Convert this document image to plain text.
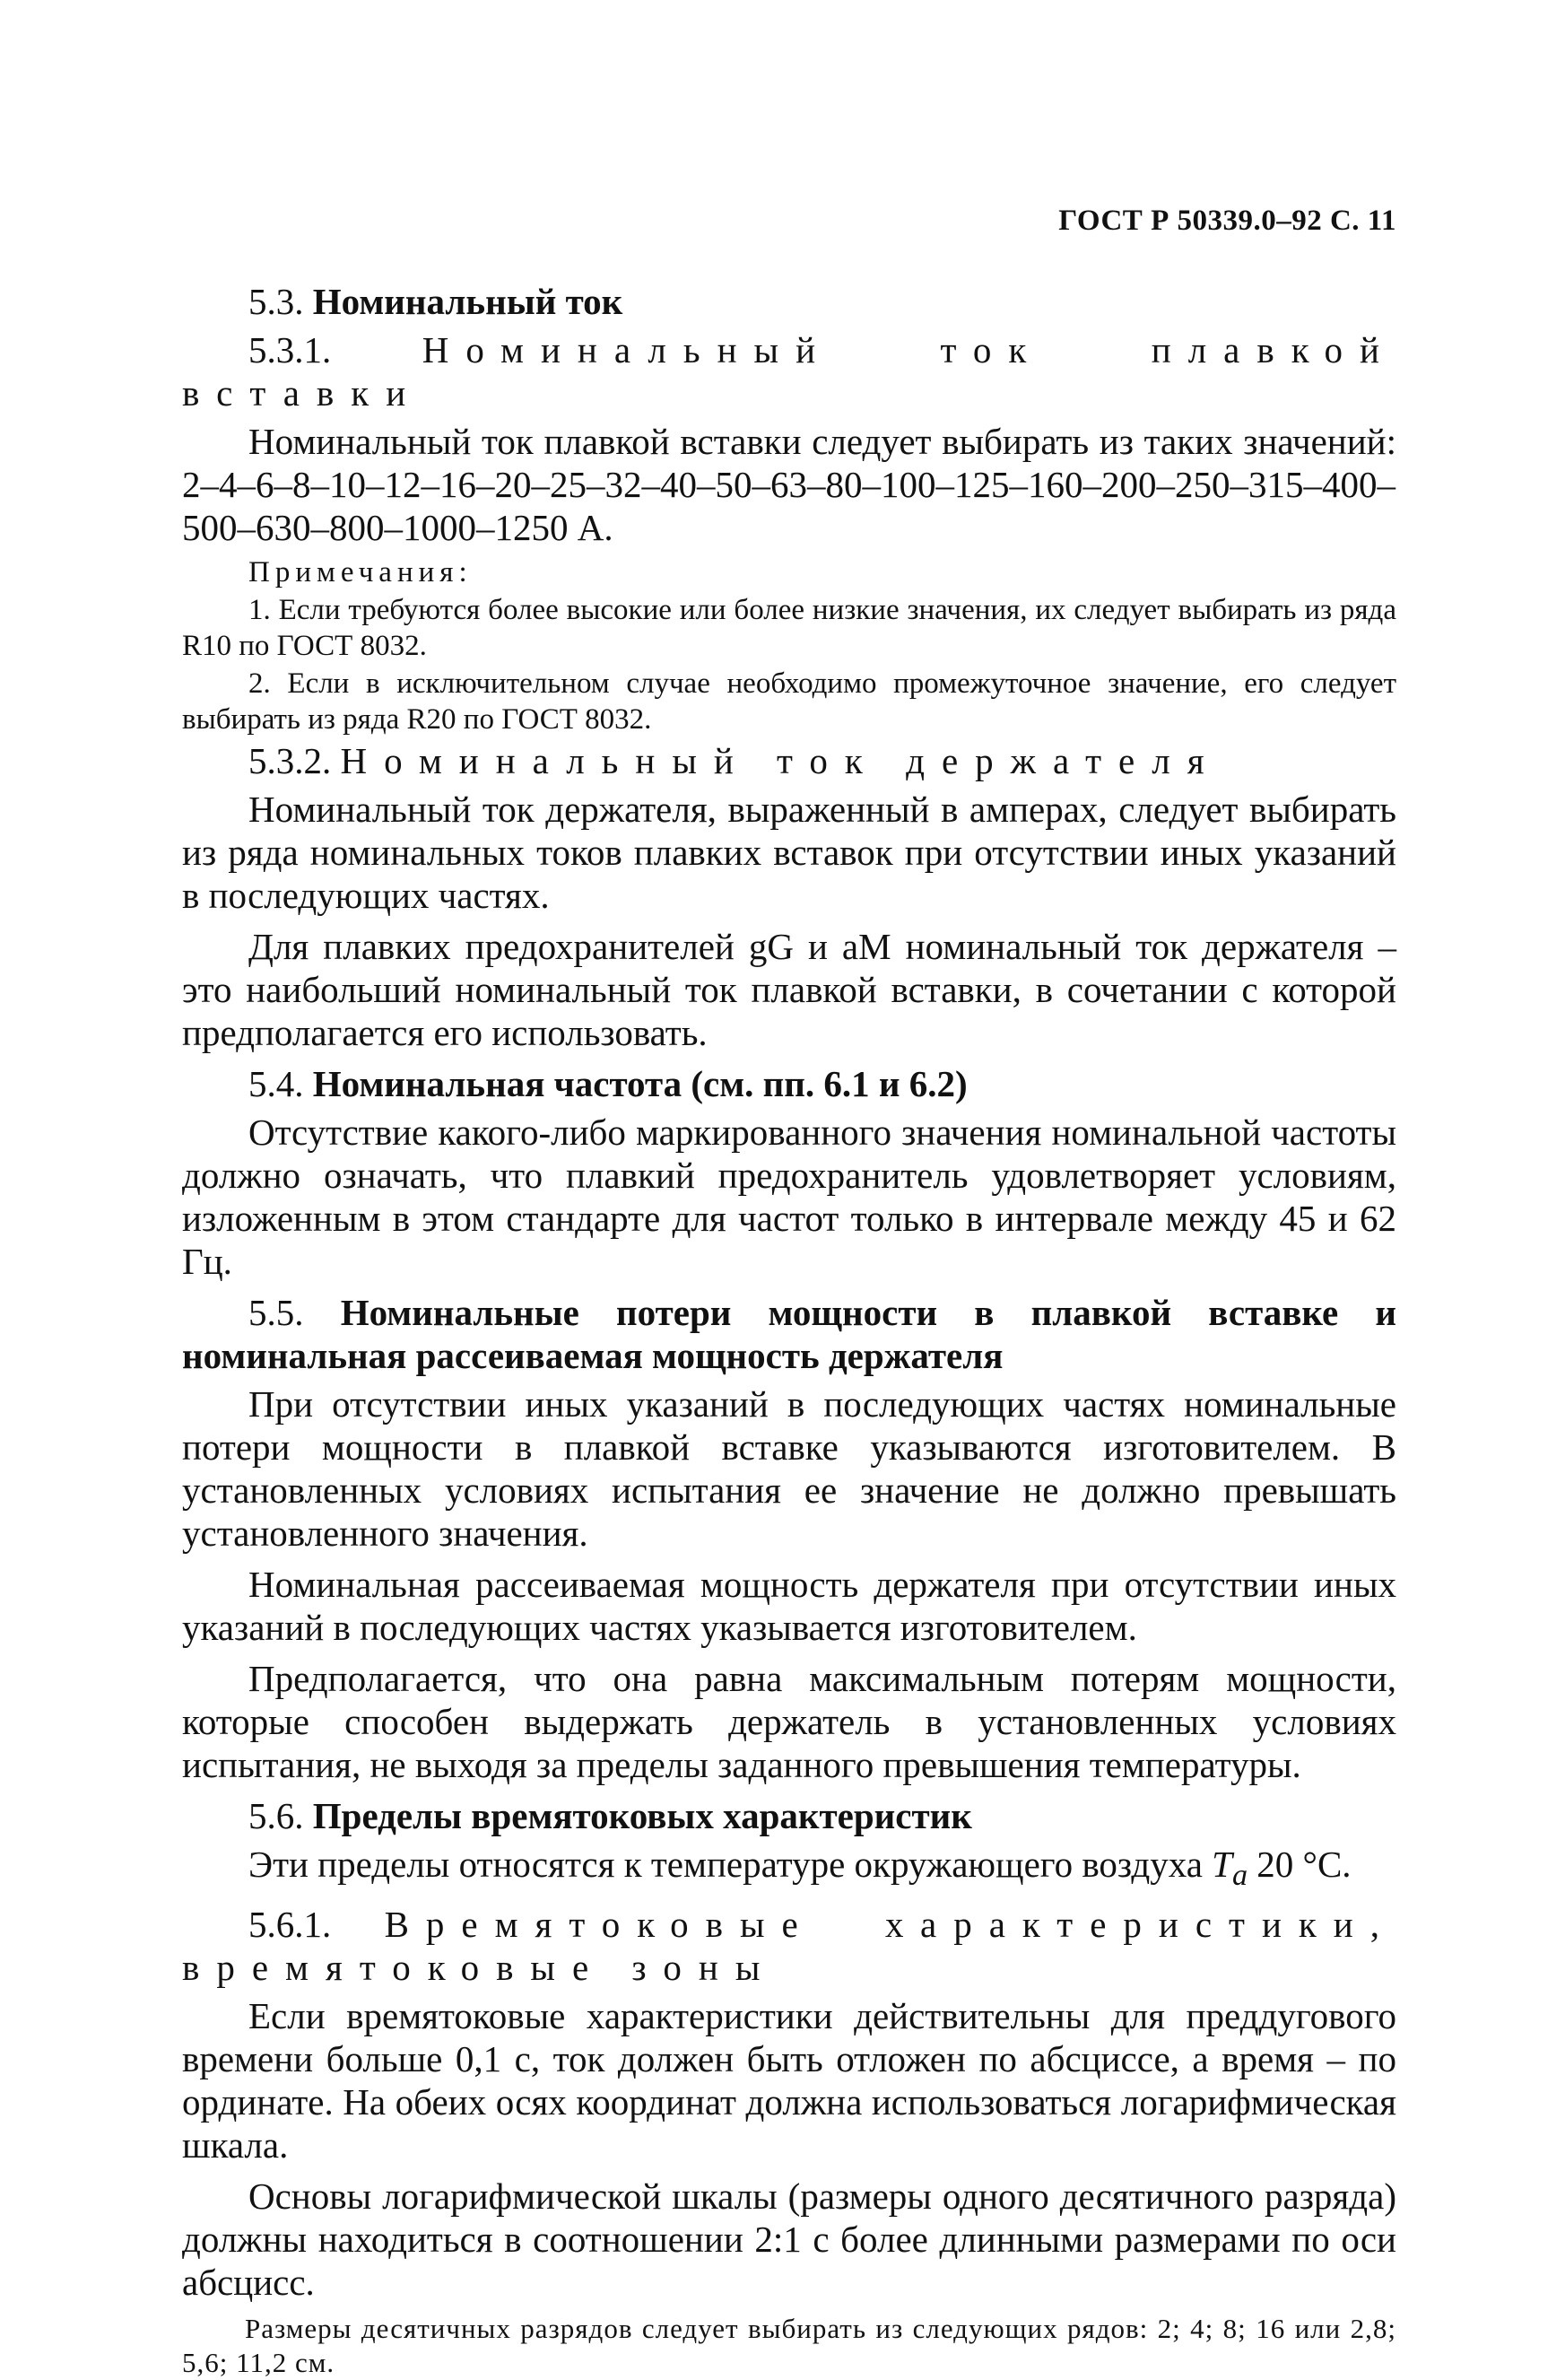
ГОСТ Р 50339.0–92 С. 11
5.3. Номинальный ток
5.3.1. Номинальный ток плавкой вставки
Номинальный ток плавкой вставки следует выбирать из таких значений: 2–4–6–8–10–12–16–20–25–32–40–50–63–80–100–125–160–200–250–315–400–500–630–800–1000–1250 А.
Примечания:
1. Если требуются более высокие или более низкие значения, их следует выбирать из ряда R10 по ГОСТ 8032.
2. Если в исключительном случае необходимо промежуточное значение, его следует выбирать из ряда R20 по ГОСТ 8032.
5.3.2. Номинальный ток держателя
Номинальный ток держателя, выраженный в амперах, следует выбирать из ряда номинальных токов плавких вставок при отсутствии иных указаний в последующих частях.
Для плавких предохранителей gG и aM номинальный ток держателя – это наибольший номинальный ток плавкой вставки, в сочетании с которой предполагается его использовать.
5.4. Номинальная частота (см. пп. 6.1 и 6.2)
Отсутствие какого-либо маркированного значения номинальной частоты должно означать, что плавкий предохранитель удовлетворяет условиям, изложенным в этом стандарте для частот только в интервале между 45 и 62 Гц.
5.5. Номинальные потери мощности в плавкой вставке и номинальная рассеиваемая мощность держателя
При отсутствии иных указаний в последующих частях номинальные потери мощности в плавкой вставке указываются изготовителем. В установленных условиях испытания ее значение не должно превышать установленного значения.
Номинальная рассеиваемая мощность держателя при отсутствии иных указаний в последующих частях указывается изготовителем.
Предполагается, что она равна максимальным потерям мощности, которые способен выдержать держатель в установленных условиях испытания, не выходя за пределы заданного превышения температуры.
5.6. Пределы времятоковых характеристик
Эти пределы относятся к температуре окружающего воздуха $T_a$ 20 °С.
5.6.1. Времятоковые характеристики, времятоковые зоны
Если времятоковые характеристики действительны для преддугового времени больше 0,1 с, ток должен быть отложен по абсциссе, а время – по ординате. На обеих осях координат должна использоваться логарифмическая шкала.
Основы логарифмической шкалы (размеры одного десятичного разряда) должны находиться в соотношении 2:1 с более длинными размерами по оси абсцисс.
Размеры десятичных разрядов следует выбирать из следующих рядов: 2; 4; 8; 16 или 2,8; 5,6; 11,2 см.
